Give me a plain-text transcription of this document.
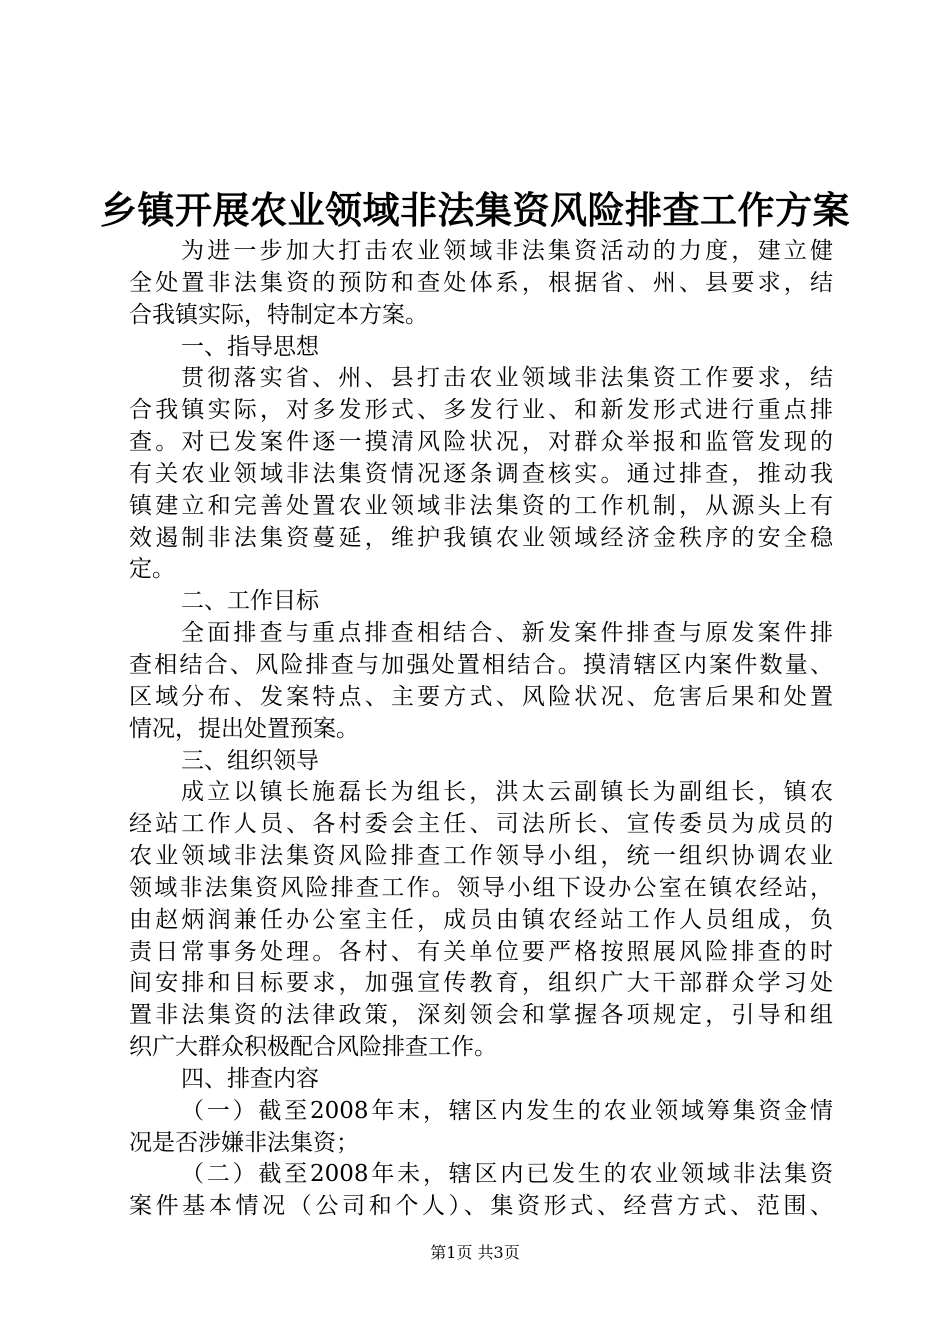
乡镇开展农业领域非法集资风险排查工作方案
为进一步加大打击农业领域非法集资活动的力度，建立健
全处置非法集资的预防和查处体系，根据省、州、县要求，结
合我镇实际，特制定本方案。
一、指导思想
贯彻落实省、州、县打击农业领域非法集资工作要求，结
合我镇实际，对多发形式、多发行业、和新发形式进行重点排
查。对已发案件逐一摸清风险状况，对群众举报和监管发现的
有关农业领域非法集资情况逐条调查核实。通过排查，推动我
镇建立和完善处置农业领域非法集资的工作机制，从源头上有
效遏制非法集资蔓延，维护我镇农业领域经济金秩序的安全稳
定。
二、工作目标
全面排查与重点排查相结合、新发案件排查与原发案件排
查相结合、风险排查与加强处置相结合。摸清辖区内案件数量、
区域分布、发案特点、主要方式、风险状况、危害后果和处置
情况，提出处置预案。
三、组织领导
成立以镇长施磊长为组长，洪太云副镇长为副组长，镇农
经站工作人员、各村委会主任、司法所长、宣传委员为成员的
农业领域非法集资风险排查工作领导小组，统一组织协调农业
领域非法集资风险排查工作。领导小组下设办公室在镇农经站，
由赵炳润兼任办公室主任，成员由镇农经站工作人员组成，负
责日常事务处理。各村、有关单位要严格按照展风险排查的时
间安排和目标要求，加强宣传教育，组织广大干部群众学习处
置非法集资的法律政策，深刻领会和掌握各项规定，引导和组
织广大群众积极配合风险排查工作。
四、排查内容
（一）截至2008年末，辖区内发生的农业领域筹集资金情
况是否涉嫌非法集资；
（二）截至2008年未，辖区内已发生的农业领域非法集资
案件基本情况（公司和个人）、集资形式、经营方式、范围、
第1页 共3页
